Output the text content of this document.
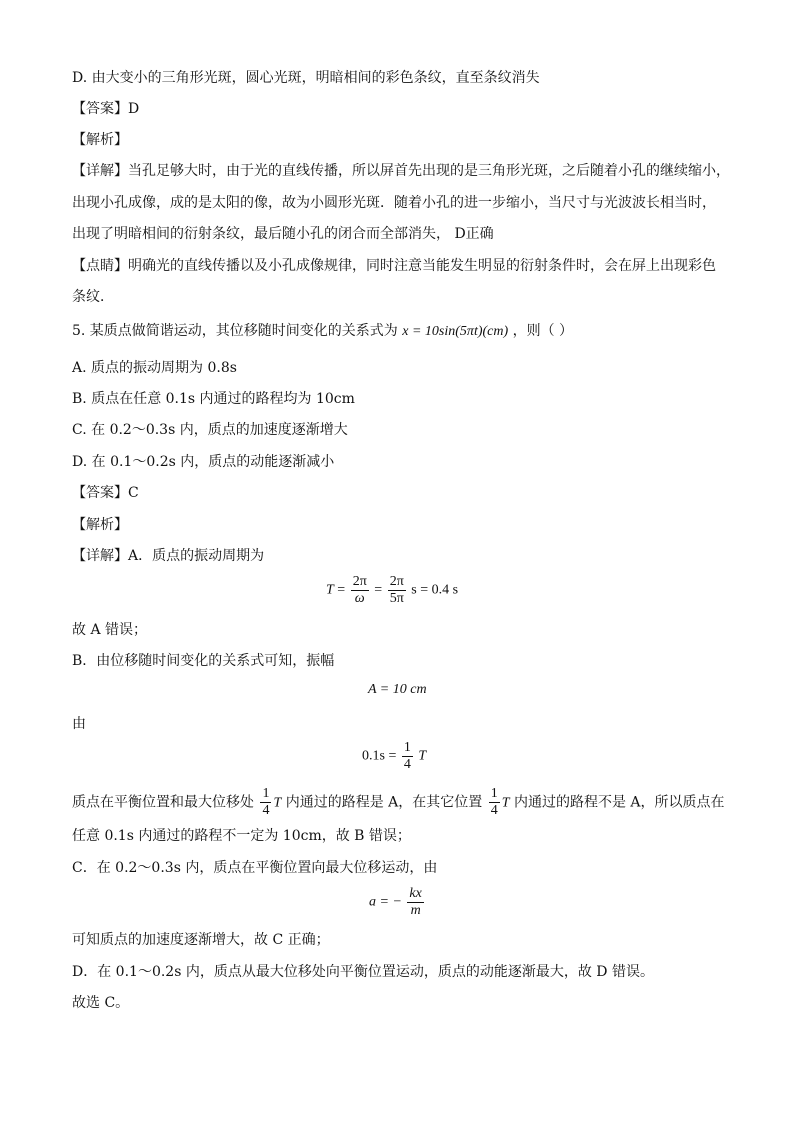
D. 由大变小的三角形光斑，圆心光斑，明暗相间的彩色条纹，直至条纹消失
【答案】D
【解析】
【详解】当孔足够大时，由于光的直线传播，所以屏首先出现的是三角形光斑，之后随着小孔的继续缩小，
出现小孔成像，成的是太阳的像，故为小圆形光斑．随着小孔的进一步缩小，当尺寸与光波波长相当时，
出现了明暗相间的衍射条纹，最后随小孔的闭合而全部消失， D正确
【点睛】明确光的直线传播以及小孔成像规律，同时注意当能发生明显的衍射条件时，会在屏上出现彩色
条纹．
5. 某质点做简谐运动，其位移随时间变化的关系式为 x = 10sin(5πt)(cm) ，则（ ）
A. 质点的振动周期为 0.8s
B. 质点在任意 0.1s 内通过的路程均为 10cm
C. 在 0.2～0.3s 内，质点的加速度逐渐增大
D. 在 0.1～0.2s 内，质点的动能逐渐减小
【答案】C
【解析】
【详解】A．质点的振动周期为
$T = \frac{2\pi}{\omega} = \frac{2\pi}{5\pi}$ s = 0.4 s
故 A 错误；
B．由位移随时间变化的关系式可知，振幅
A = 10 cm
由
$0.1s = \frac{1}{4}$ T
质点在平衡位置和最大位移处 $\frac{1}{4}$ T 内通过的路程是 A，在其它位置 $\frac{1}{4}$ T 内通过的路程不是 A，所以质点在
任意 0.1s 内通过的路程不一定为 10cm，故 B 错误；
C．在 0.2～0.3s 内，质点在平衡位置向最大位移运动，由
a = − $\frac{kx}{m}$
可知质点的加速度逐渐增大，故 C 正确；
D．在 0.1～0.2s 内，质点从最大位移处向平衡位置运动，质点的动能逐渐最大，故 D 错误。
故选 C。
